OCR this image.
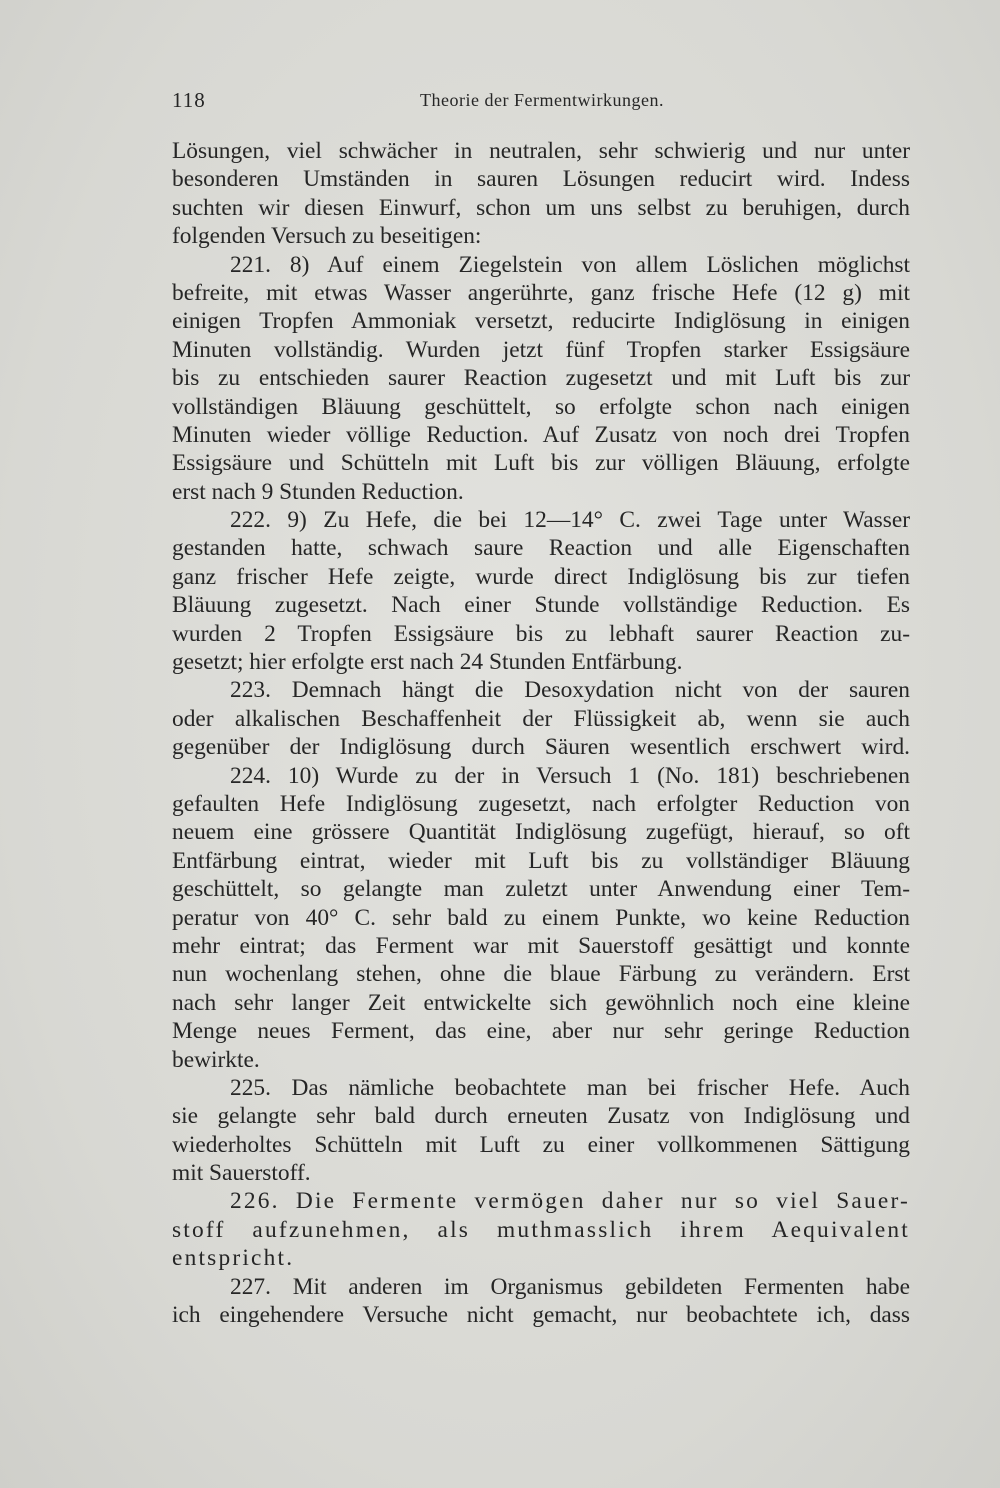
118	Theorie der Fermentwirkungen.
Lösungen, viel schwächer in neutralen, sehr schwierig und nur unter
besonderen Umständen in sauren Lösungen reducirt wird. Indess
suchten wir diesen Einwurf, schon um uns selbst zu beruhigen, durch
folgenden Versuch zu beseitigen:
221. 8) Auf einem Ziegelstein von allem Löslichen möglichst
befreite, mit etwas Wasser angerührte, ganz frische Hefe (12 g) mit
einigen Tropfen Ammoniak versetzt, reducirte Indiglösung in einigen
Minuten vollständig. Wurden jetzt fünf Tropfen starker Essigsäure
bis zu entschieden saurer Reaction zugesetzt und mit Luft bis zur
vollständigen Bläuung geschüttelt, so erfolgte schon nach einigen
Minuten wieder völlige Reduction. Auf Zusatz von noch drei Tropfen
Essigsäure und Schütteln mit Luft bis zur völligen Bläuung, erfolgte
erst nach 9 Stunden Reduction.
222. 9) Zu Hefe, die bei 12—14° C. zwei Tage unter Wasser
gestanden hatte, schwach saure Reaction und alle Eigenschaften
ganz frischer Hefe zeigte, wurde direct Indiglösung bis zur tiefen
Bläuung zugesetzt. Nach einer Stunde vollständige Reduction. Es
wurden 2 Tropfen Essigsäure bis zu lebhaft saurer Reaction zu-
gesetzt; hier erfolgte erst nach 24 Stunden Entfärbung.
223. Demnach hängt die Desoxydation nicht von der sauren
oder alkalischen Beschaffenheit der Flüssigkeit ab, wenn sie auch
gegenüber der Indiglösung durch Säuren wesentlich erschwert wird.
224. 10) Wurde zu der in Versuch 1 (No. 181) beschriebenen
gefaulten Hefe Indiglösung zugesetzt, nach erfolgter Reduction von
neuem eine grössere Quantität Indiglösung zugefügt, hierauf, so oft
Entfärbung eintrat, wieder mit Luft bis zu vollständiger Bläuung
geschüttelt, so gelangte man zuletzt unter Anwendung einer Tem-
peratur von 40° C. sehr bald zu einem Punkte, wo keine Reduction
mehr eintrat; das Ferment war mit Sauerstoff gesättigt und konnte
nun wochenlang stehen, ohne die blaue Färbung zu verändern. Erst
nach sehr langer Zeit entwickelte sich gewöhnlich noch eine kleine
Menge neues Ferment, das eine, aber nur sehr geringe Reduction
bewirkte.
225. Das nämliche beobachtete man bei frischer Hefe. Auch
sie gelangte sehr bald durch erneuten Zusatz von Indiglösung und
wiederholtes Schütteln mit Luft zu einer vollkommenen Sättigung
mit Sauerstoff.
226. Die Fermente vermögen daher nur so viel Sauer-
stoff aufzunehmen, als muthmasslich ihrem Aequivalent
entspricht.
227. Mit anderen im Organismus gebildeten Fermenten habe
ich eingehendere Versuche nicht gemacht, nur beobachtete ich, dass
